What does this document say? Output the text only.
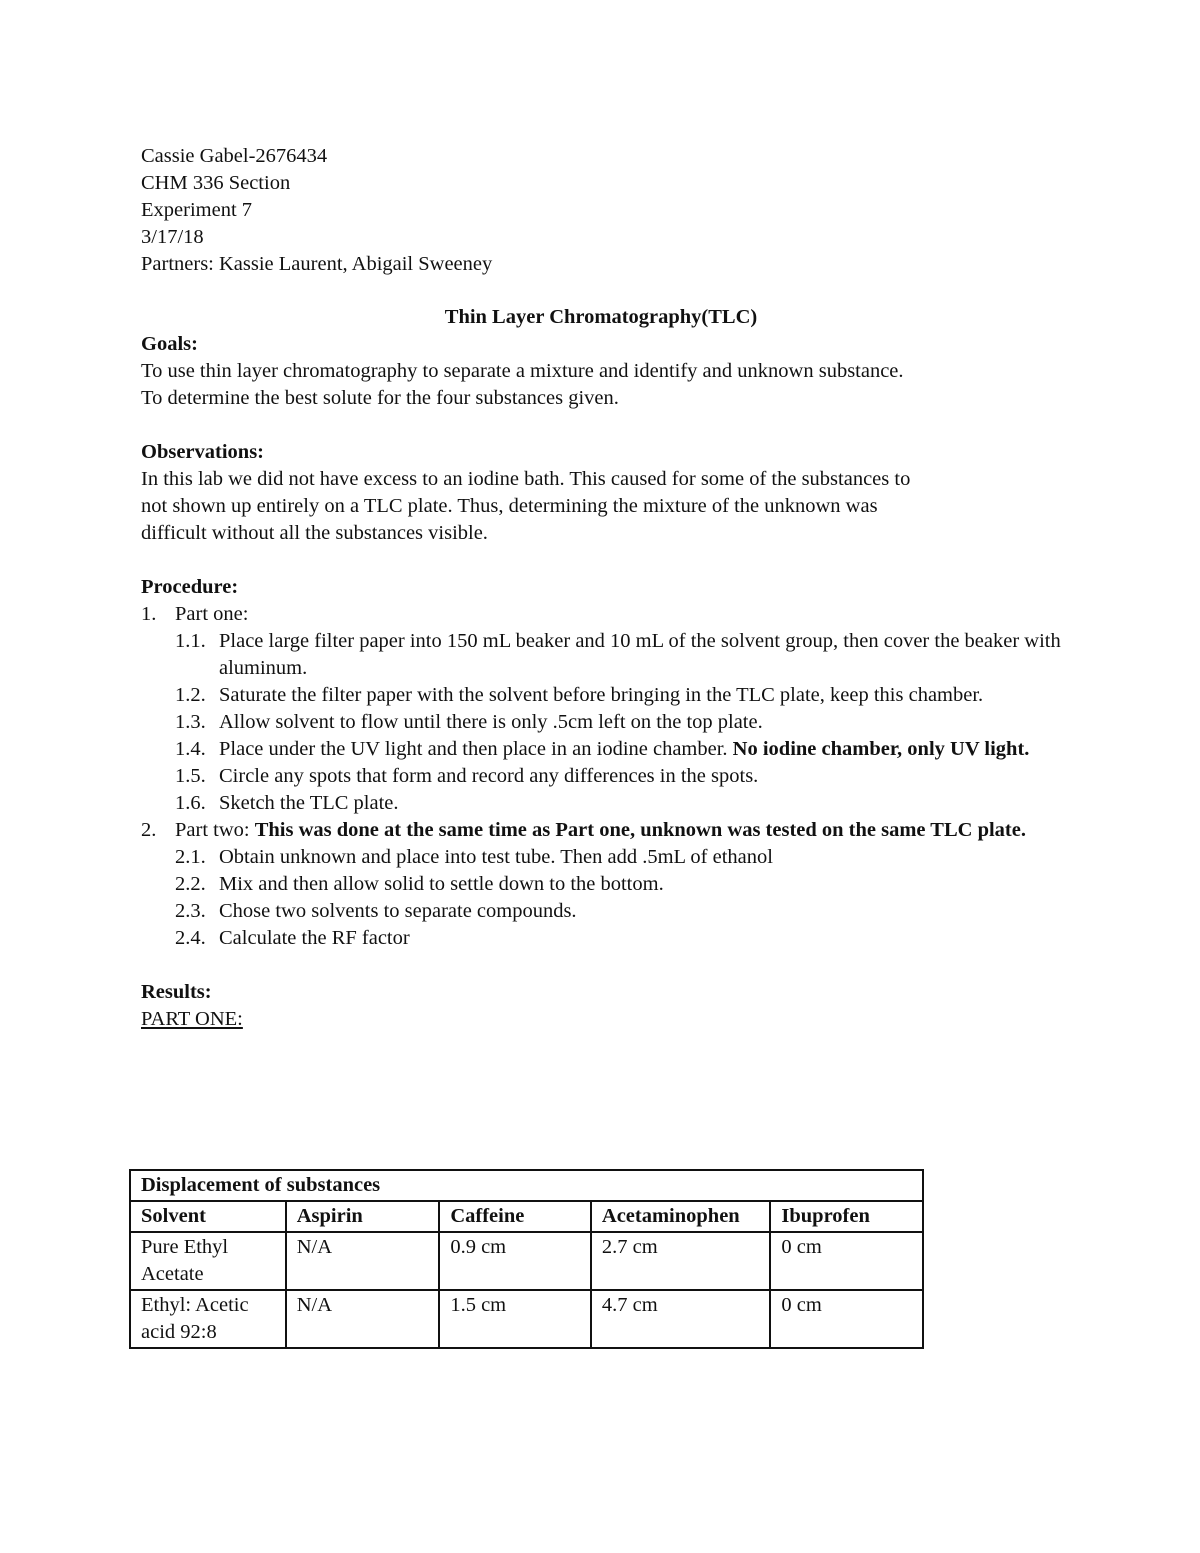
Cassie Gabel-2676434
CHM 336 Section
Experiment 7
3/17/18
Partners: Kassie Laurent, Abigail Sweeney
Thin Layer Chromatography(TLC)
Goals:
To use thin layer chromatography to separate a mixture and identify and unknown substance.
To determine the best solute for the four substances given.
Observations:
In this lab we did not have excess to an iodine bath. This caused for some of the substances to
not shown up entirely on a TLC plate. Thus, determining the mixture of the unknown was
difficult without all the substances visible.
Procedure:
1. Part one:
1.1. Place large filter paper into 150 mL beaker and 10 mL of the solvent group, then cover the beaker with aluminum.
1.2. Saturate the filter paper with the solvent before bringing in the TLC plate, keep this chamber.
1.3. Allow solvent to flow until there is only .5cm left on the top plate.
1.4. Place under the UV light and then place in an iodine chamber. No iodine chamber, only UV light.
1.5. Circle any spots that form and record any differences in the spots.
1.6. Sketch the TLC plate.
2. Part two: This was done at the same time as Part one, unknown was tested on the same TLC plate.
2.1. Obtain unknown and place into test tube. Then add .5mL of ethanol
2.2. Mix and then allow solid to settle down to the bottom.
2.3. Chose two solvents to separate compounds.
2.4. Calculate the RF factor
Results:
PART ONE:
Displacement of substances				
Solvent	Aspirin	Caffeine	Acetaminophen	Ibuprofen
Pure Ethyl Acetate	N/A	0.9 cm	2.7 cm	0 cm
Ethyl: Acetic acid 92:8	N/A	1.5 cm	4.7 cm	0 cm
